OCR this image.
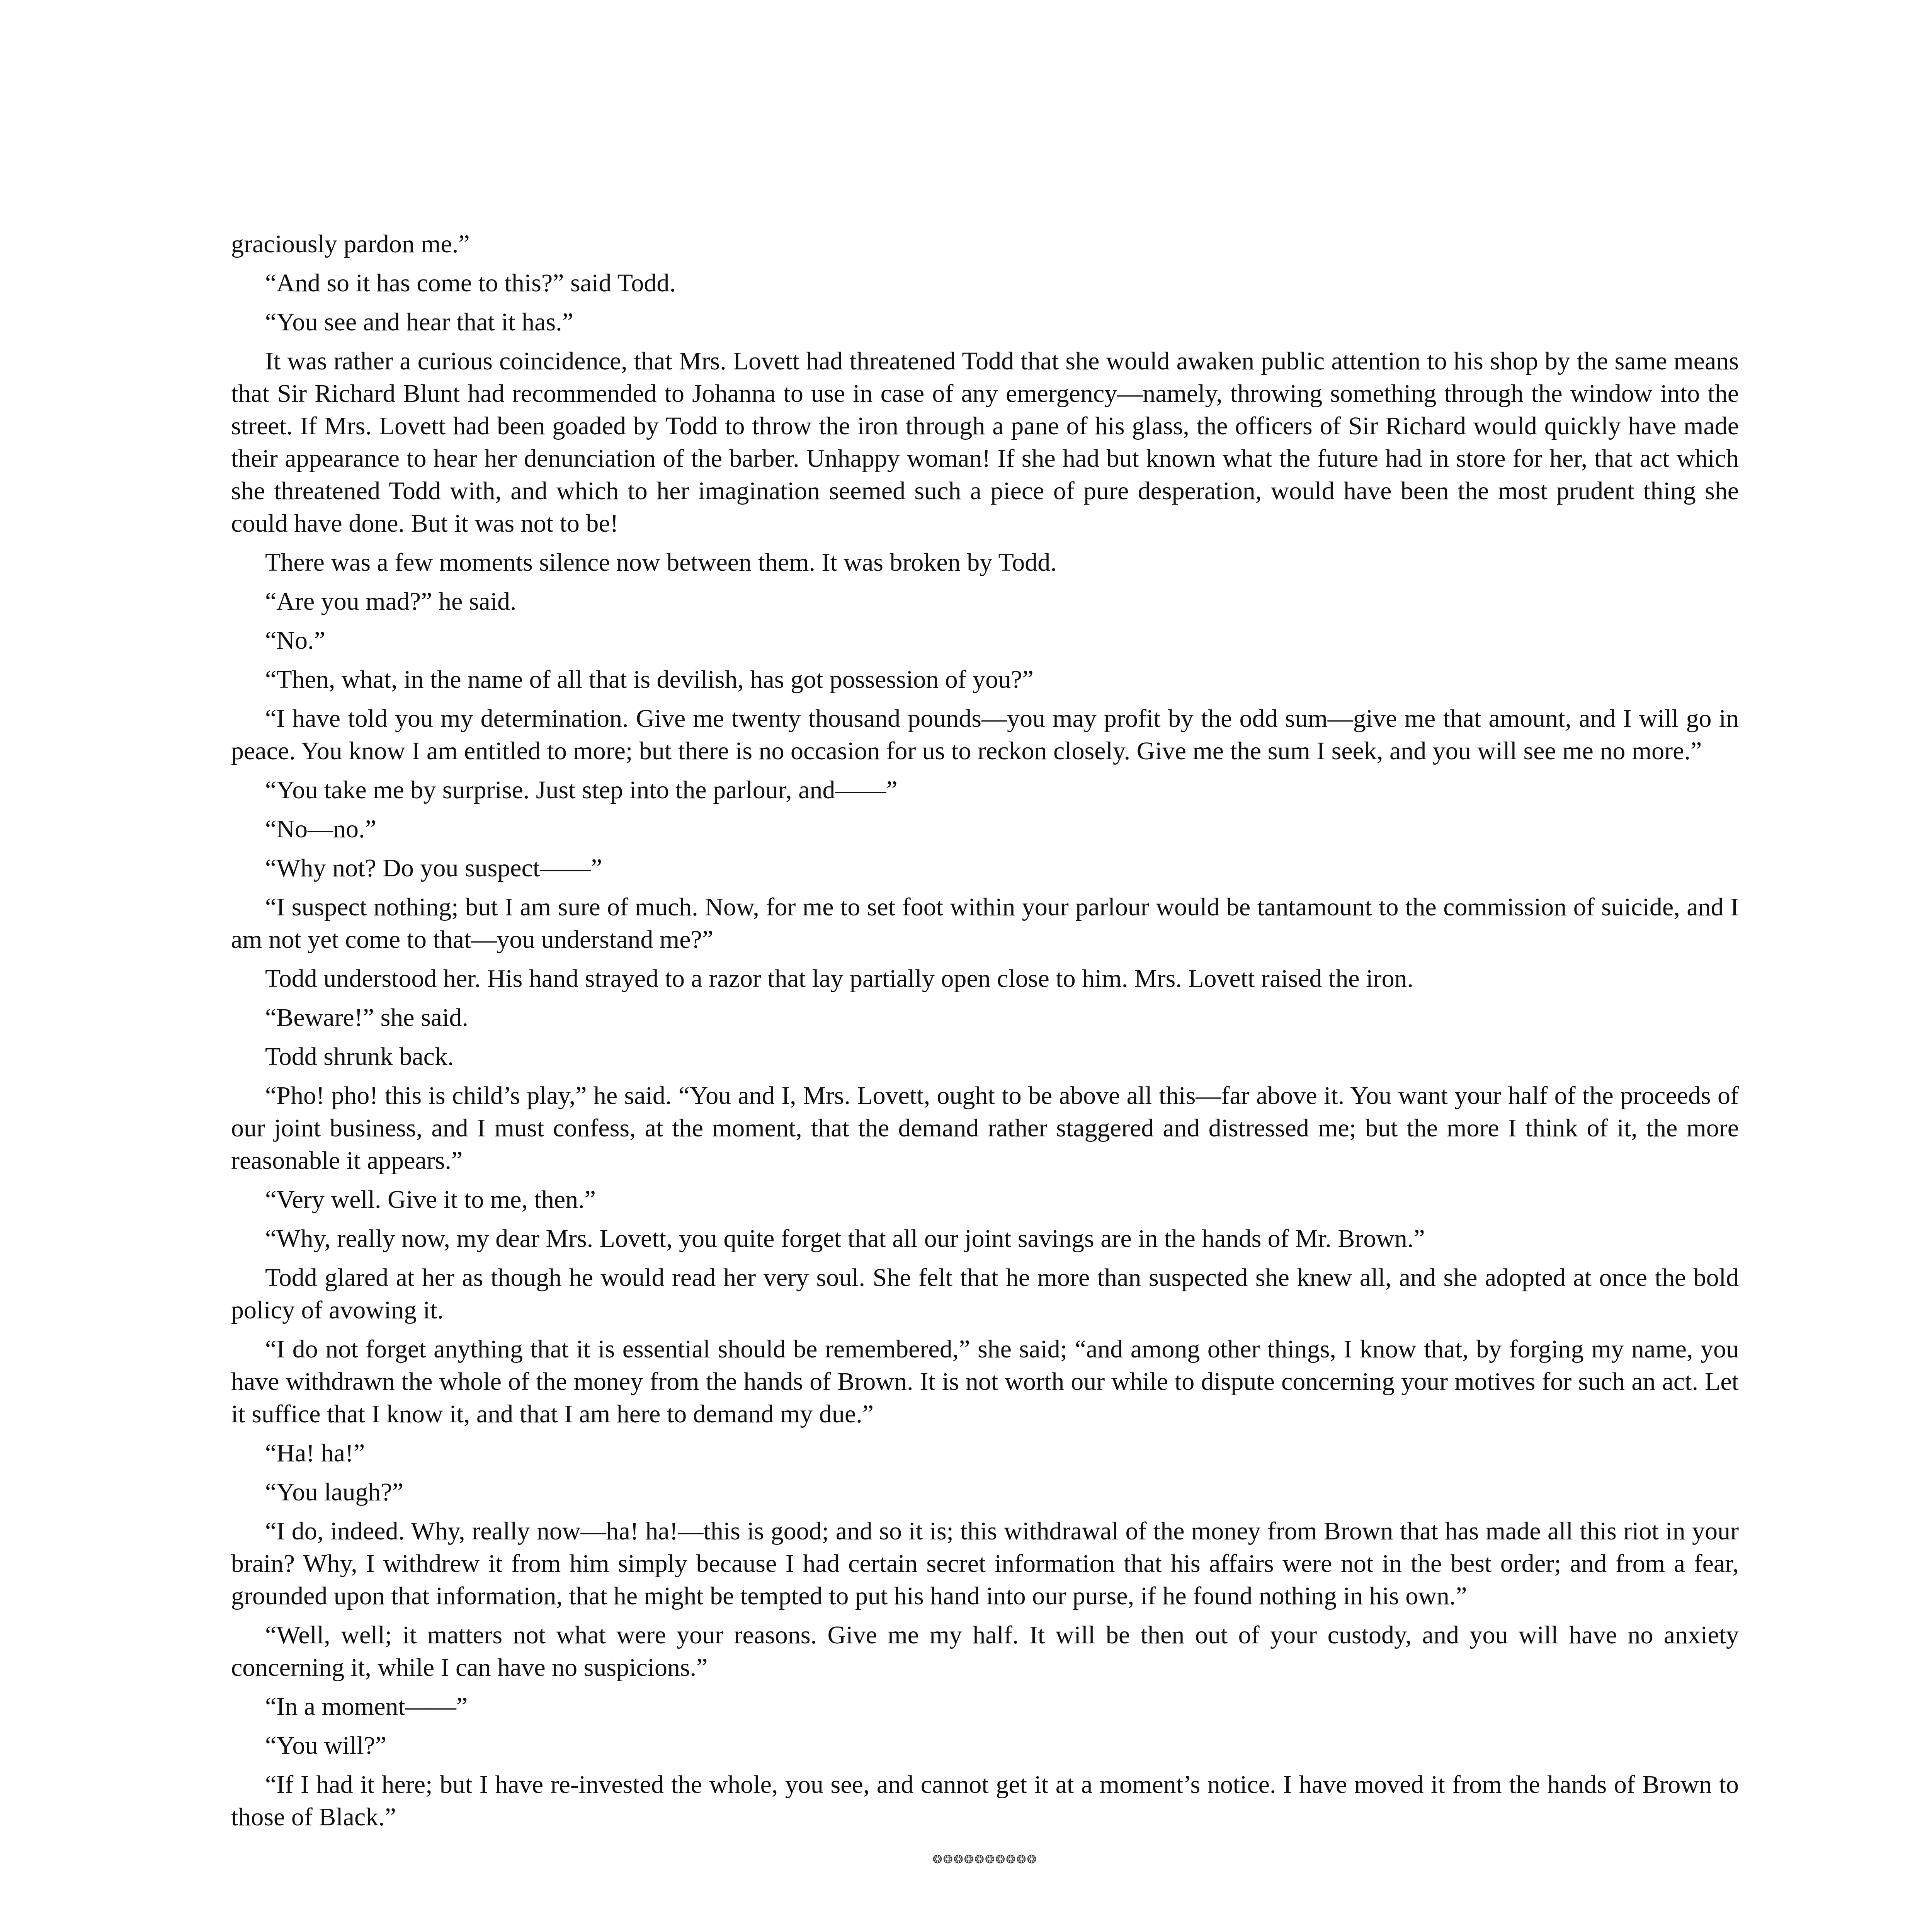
graciously pardon me.”

“And so it has come to this?” said Todd.

“You see and hear that it has.”

It was rather a curious coincidence, that Mrs. Lovett had threatened Todd that she would awaken public attention to his shop by the same means that Sir Richard Blunt had recommended to Johanna to use in case of any emergency—namely, throwing something through the window into the street. If Mrs. Lovett had been goaded by Todd to throw the iron through a pane of his glass, the officers of Sir Richard would quickly have made their appearance to hear her denunciation of the barber. Unhappy woman! If she had but known what the future had in store for her, that act which she threatened Todd with, and which to her imagination seemed such a piece of pure desperation, would have been the most prudent thing she could have done. But it was not to be!

There was a few moments silence now between them. It was broken by Todd.

“Are you mad?” he said.

“No.”

“Then, what, in the name of all that is devilish, has got possession of you?”

“I have told you my determination. Give me twenty thousand pounds—you may profit by the odd sum—give me that amount, and I will go in peace. You know I am entitled to more; but there is no occasion for us to reckon closely. Give me the sum I seek, and you will see me no more.”

“You take me by surprise. Just step into the parlour, and——”

“No—no.”

“Why not? Do you suspect——”

“I suspect nothing; but I am sure of much. Now, for me to set foot within your parlour would be tantamount to the commission of suicide, and I am not yet come to that—you understand me?”

Todd understood her. His hand strayed to a razor that lay partially open close to him. Mrs. Lovett raised the iron.

“Beware!” she said.

Todd shrunk back.

“Pho! pho! this is child’s play,” he said. “You and I, Mrs. Lovett, ought to be above all this—far above it. You want your half of the proceeds of our joint business, and I must confess, at the moment, that the demand rather staggered and distressed me; but the more I think of it, the more reasonable it appears.”

“Very well. Give it to me, then.”

“Why, really now, my dear Mrs. Lovett, you quite forget that all our joint savings are in the hands of Mr. Brown.”

Todd glared at her as though he would read her very soul. She felt that he more than suspected she knew all, and she adopted at once the bold policy of avowing it.

“I do not forget anything that it is essential should be remembered,” she said; “and among other things, I know that, by forging my name, you have withdrawn the whole of the money from the hands of Brown. It is not worth our while to dispute concerning your motives for such an act. Let it suffice that I know it, and that I am here to demand my due.”

“Ha! ha!”

“You laugh?”

“I do, indeed. Why, really now—ha! ha!—this is good; and so it is; this withdrawal of the money from Brown that has made all this riot in your brain? Why, I withdrew it from him simply because I had certain secret information that his affairs were not in the best order; and from a fear, grounded upon that information, that he might be tempted to put his hand into our purse, if he found nothing in his own.”

“Well, well; it matters not what were your reasons. Give me my half. It will be then out of your custody, and you will have no anxiety concerning it, while I can have no suspicions.”

“In a moment——”

“You will?”

“If I had it here; but I have re-invested the whole, you see, and cannot get it at a moment’s notice. I have moved it from the hands of Brown to those of Black.”

❂❂❂❂❂❂❂❂❂❂
